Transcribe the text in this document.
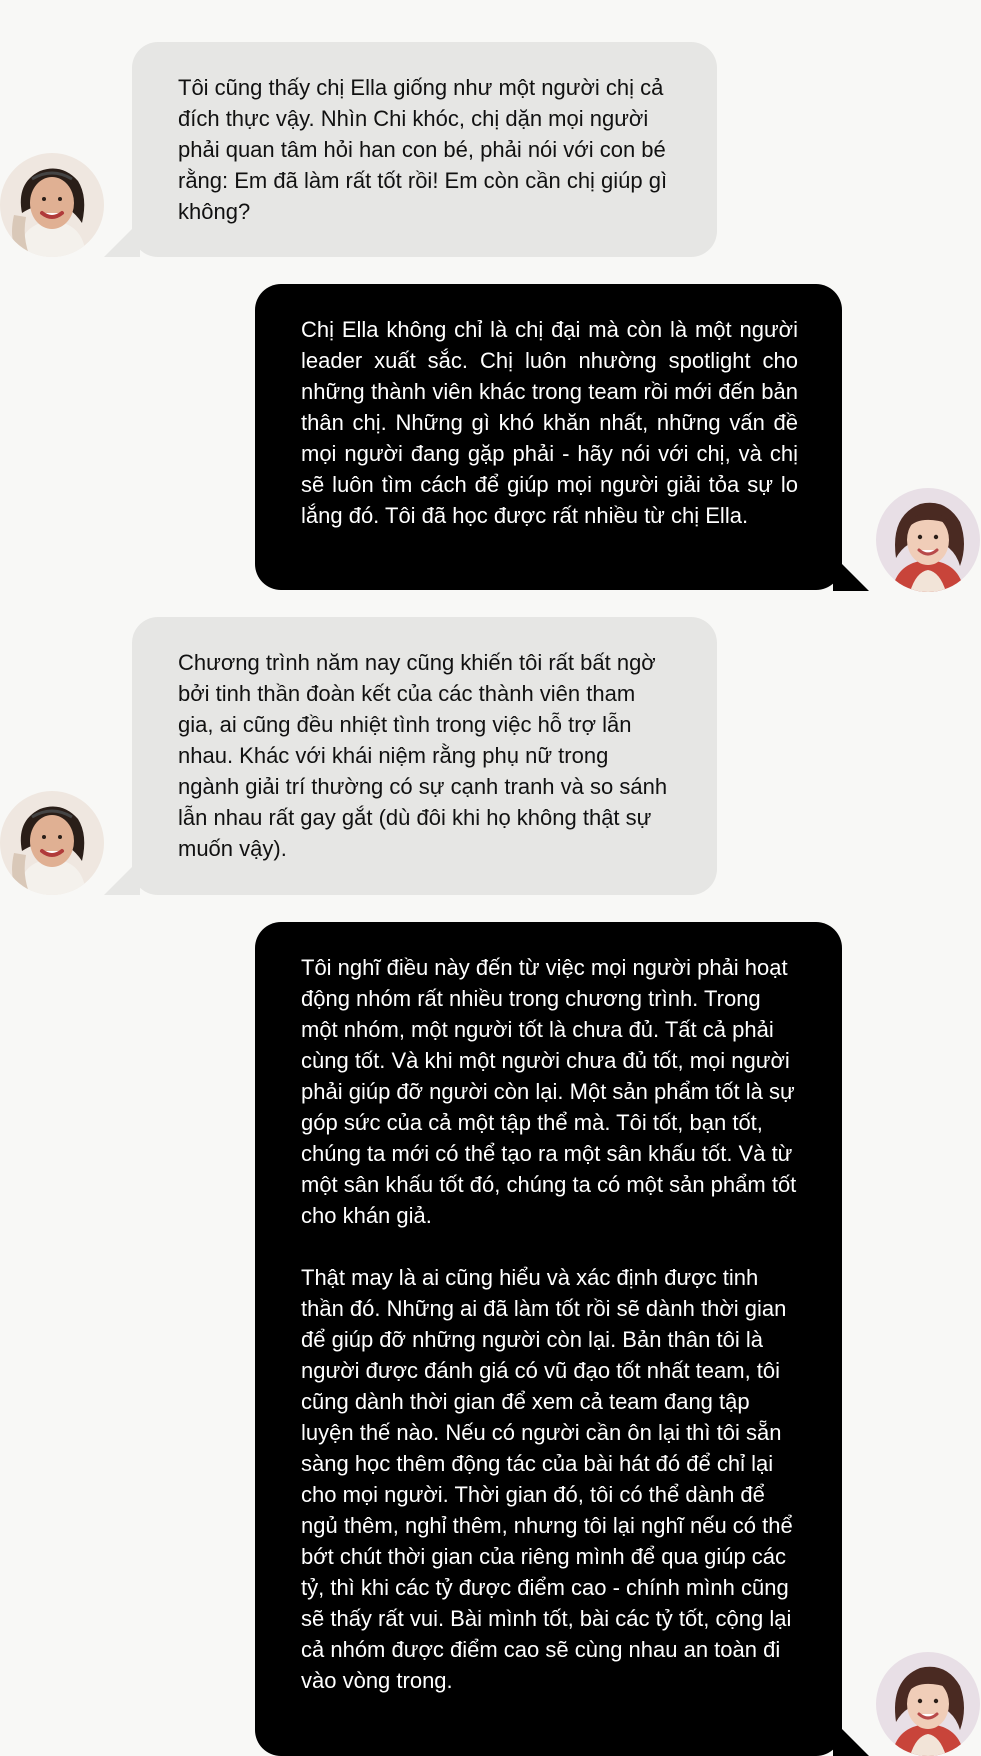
Tôi cũng thấy chị Ella giống như một người chị cả đích thực vậy. Nhìn Chi khóc, chị dặn mọi người phải quan tâm hỏi han con bé, phải nói với con bé rằng: Em đã làm rất tốt rồi! Em còn cần chị giúp gì không?

Chị Ella không chỉ là chị đại mà còn là một người leader xuất sắc. Chị luôn nhường spotlight cho những thành viên khác trong team rồi mới đến bản thân chị. Những gì khó khăn nhất, những vấn đề mọi người đang gặp phải - hãy nói với chị, và chị sẽ luôn tìm cách để giúp mọi người giải tỏa sự lo lắng đó. Tôi đã học được rất nhiều từ chị Ella.

Chương trình năm nay cũng khiến tôi rất bất ngờ bởi tinh thần đoàn kết của các thành viên tham gia, ai cũng đều nhiệt tình trong việc hỗ trợ lẫn nhau. Khác với khái niệm rằng phụ nữ trong ngành giải trí thường có sự cạnh tranh và so sánh lẫn nhau rất gay gắt (dù đôi khi họ không thật sự muốn vậy).

Tôi nghĩ điều này đến từ việc mọi người phải hoạt động nhóm rất nhiều trong chương trình. Trong một nhóm, một người tốt là chưa đủ. Tất cả phải cùng tốt. Và khi một người chưa đủ tốt, mọi người phải giúp đỡ người còn lại. Một sản phẩm tốt là sự góp sức của cả một tập thể mà. Tôi tốt, bạn tốt, chúng ta mới có thể tạo ra một sân khấu tốt. Và từ một sân khấu tốt đó, chúng ta có một sản phẩm tốt cho khán giả.

Thật may là ai cũng hiểu và xác định được tinh thần đó. Những ai đã làm tốt rồi sẽ dành thời gian để giúp đỡ những người còn lại. Bản thân tôi là người được đánh giá có vũ đạo tốt nhất team, tôi cũng dành thời gian để xem cả team đang tập luyện thế nào. Nếu có người cần ôn lại thì tôi sẵn sàng học thêm động tác của bài hát đó để chỉ lại cho mọi người. Thời gian đó, tôi có thể dành để ngủ thêm, nghỉ thêm, nhưng tôi lại nghĩ nếu có thể bớt chút thời gian của riêng mình để qua giúp các tỷ, thì khi các tỷ được điểm cao - chính mình cũng sẽ thấy rất vui. Bài mình tốt, bài các tỷ tốt, cộng lại cả nhóm được điểm cao sẽ cùng nhau an toàn đi vào vòng trong.
